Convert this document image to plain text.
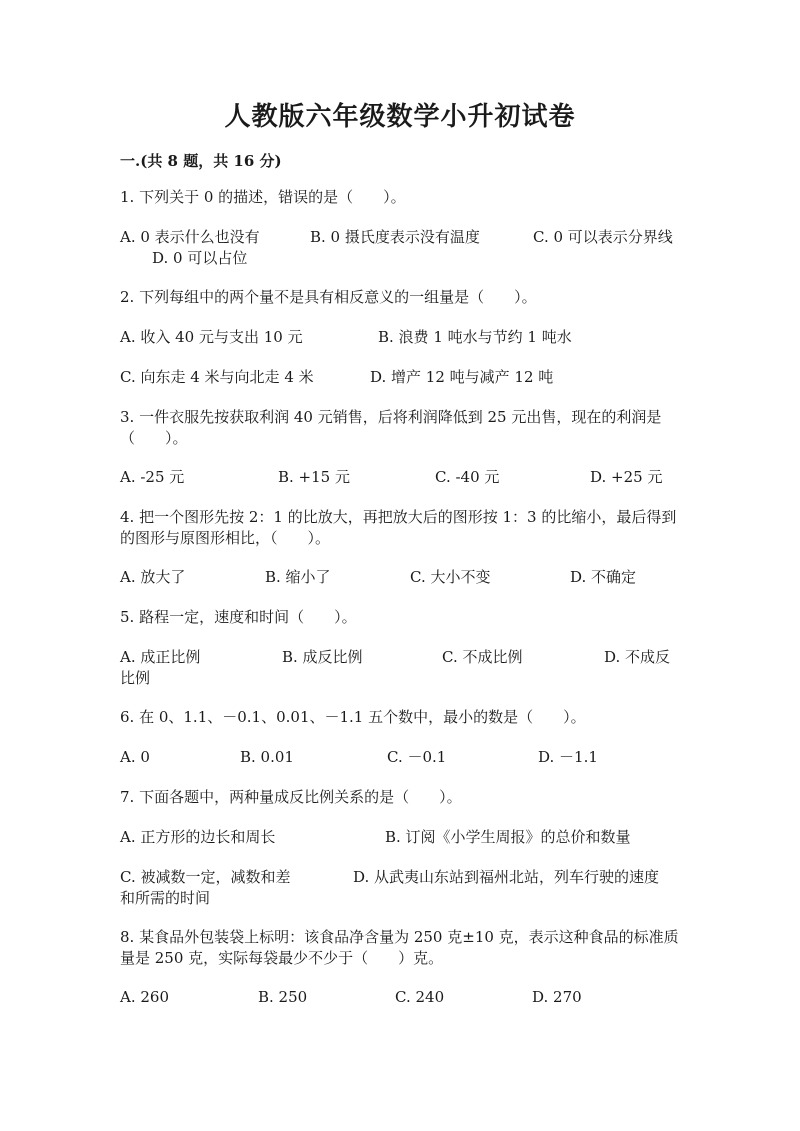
人教版六年级数学小升初试卷
一.(共 8 题，共 16 分)
1. 下列关于 0 的描述，错误的是（　　）。
A. 0 表示什么也没有	B. 0 摄氏度表示没有温度	C. 0 可以表示分界线
D. 0 可以占位
2. 下列每组中的两个量不是具有相反意义的一组量是（　　）。
A. 收入 40 元与支出 10 元	B. 浪费 1 吨水与节约 1 吨水
C. 向东走 4 米与向北走 4 米	D. 增产 12 吨与减产 12 吨
3. 一件衣服先按获取利润 40 元销售，后将利润降低到 25 元出售，现在的利润是（　　）。
A. -25 元	B. +15 元	C. -40 元	D. +25 元
4. 把一个图形先按 2：1 的比放大，再把放大后的图形按 1：3 的比缩小，最后得到的图形与原图形相比，（　　）。
A. 放大了	B. 缩小了	C. 大小不变	D. 不确定
5. 路程一定，速度和时间（　　）。
A. 成正比例	B. 成反比例	C. 不成比例	D. 不成反
比例
6. 在 0、1.1、－0.1、0.01、－1.1 五个数中，最小的数是（　　）。
A. 0	B. 0.01	C. －0.1	D. －1.1
7. 下面各题中，两种量成反比例关系的是（　　）。
A. 正方形的边长和周长	B. 订阅《小学生周报》的总价和数量
C. 被减数一定，减数和差	D. 从武夷山东站到福州北站，列车行驶的速度
和所需的时间
8. 某食品外包装袋上标明：该食品净含量为 250 克±10 克，表示这种食品的标准质量是 250 克，实际每袋最少不少于（　　）克。
A. 260	B. 250	C. 240	D. 270
